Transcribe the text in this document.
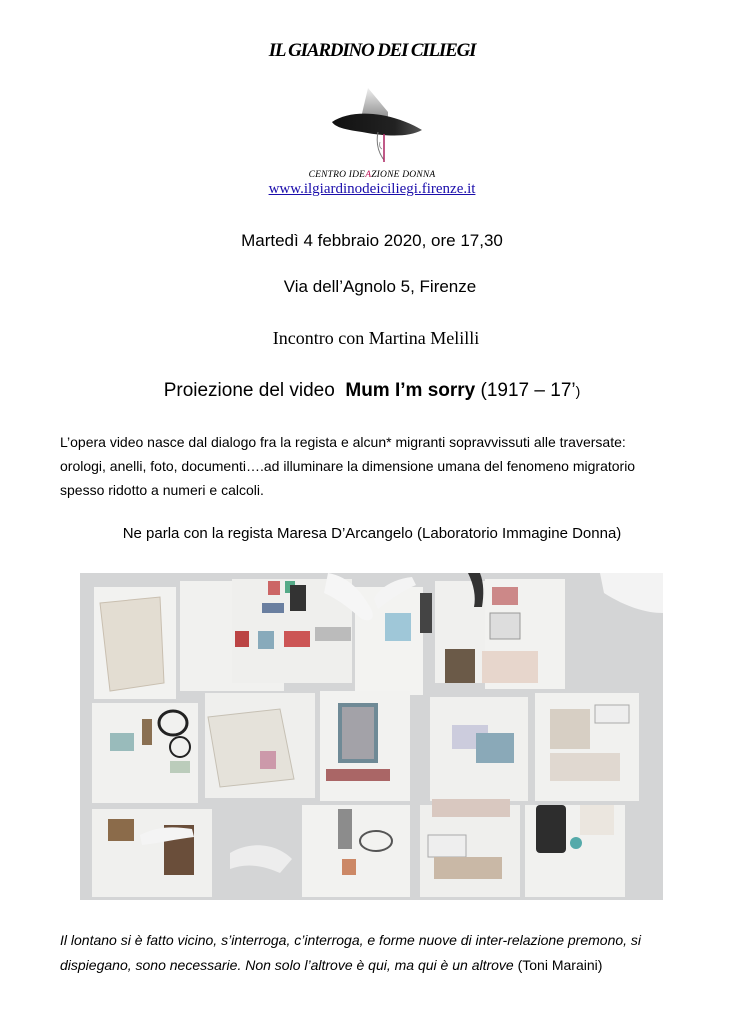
IL GIARDINO DEI CILIEGI
CENTRO IDEAZIONE DONNA
www.ilgiardinodeiciliegi.firenze.it
Martedì 4 febbraio 2020, ore 17,30
Via dell’Agnolo 5, Firenze
Incontro con Martina Melilli
Proiezione del video  Mum I’m sorry (1917 – 17’)
L’opera video nasce dal dialogo fra la regista e alcun* migranti sopravvissuti alle traversate:
orologi, anelli, foto, documenti….ad illuminare la dimensione umana del fenomeno migratorio
spesso ridotto a numeri e calcoli.
Ne parla con la regista Maresa D’Arcangelo (Laboratorio Immagine Donna)
Il lontano si è fatto vicino, s’interroga, c’interroga, e forme nuove di inter-relazione premono, si
dispiegano, sono necessarie. Non solo l’altrove è qui, ma qui è un altrove (Toni Maraini)
